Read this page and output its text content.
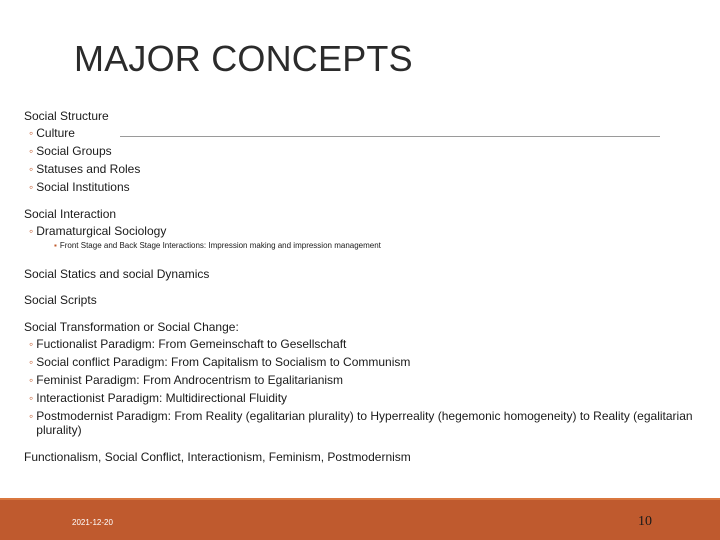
MAJOR CONCEPTS
Social Structure
◦ Culture
◦ Social Groups
◦ Statuses and Roles
◦ Social Institutions
Social Interaction
◦ Dramaturgical Sociology
▪ Front Stage and Back Stage Interactions: Impression making and impression management
Social Statics and social Dynamics
Social Scripts
Social Transformation or Social Change:
◦ Fuctionalist Paradigm: From Gemeinschaft to Gesellschaft
◦ Social conflict Paradigm: From Capitalism to Socialism to Communism
◦ Feminist Paradigm: From Androcentrism to Egalitarianism
◦ Interactionist Paradigm: Multidirectional Fluidity
◦ Postmodernist Paradigm: From Reality (egalitarian plurality) to Hyperreality (hegemonic homogeneity) to Reality (egalitarian plurality)
Functionalism, Social Conflict, Interactionism, Feminism, Postmodernism
2021-12-20	10
